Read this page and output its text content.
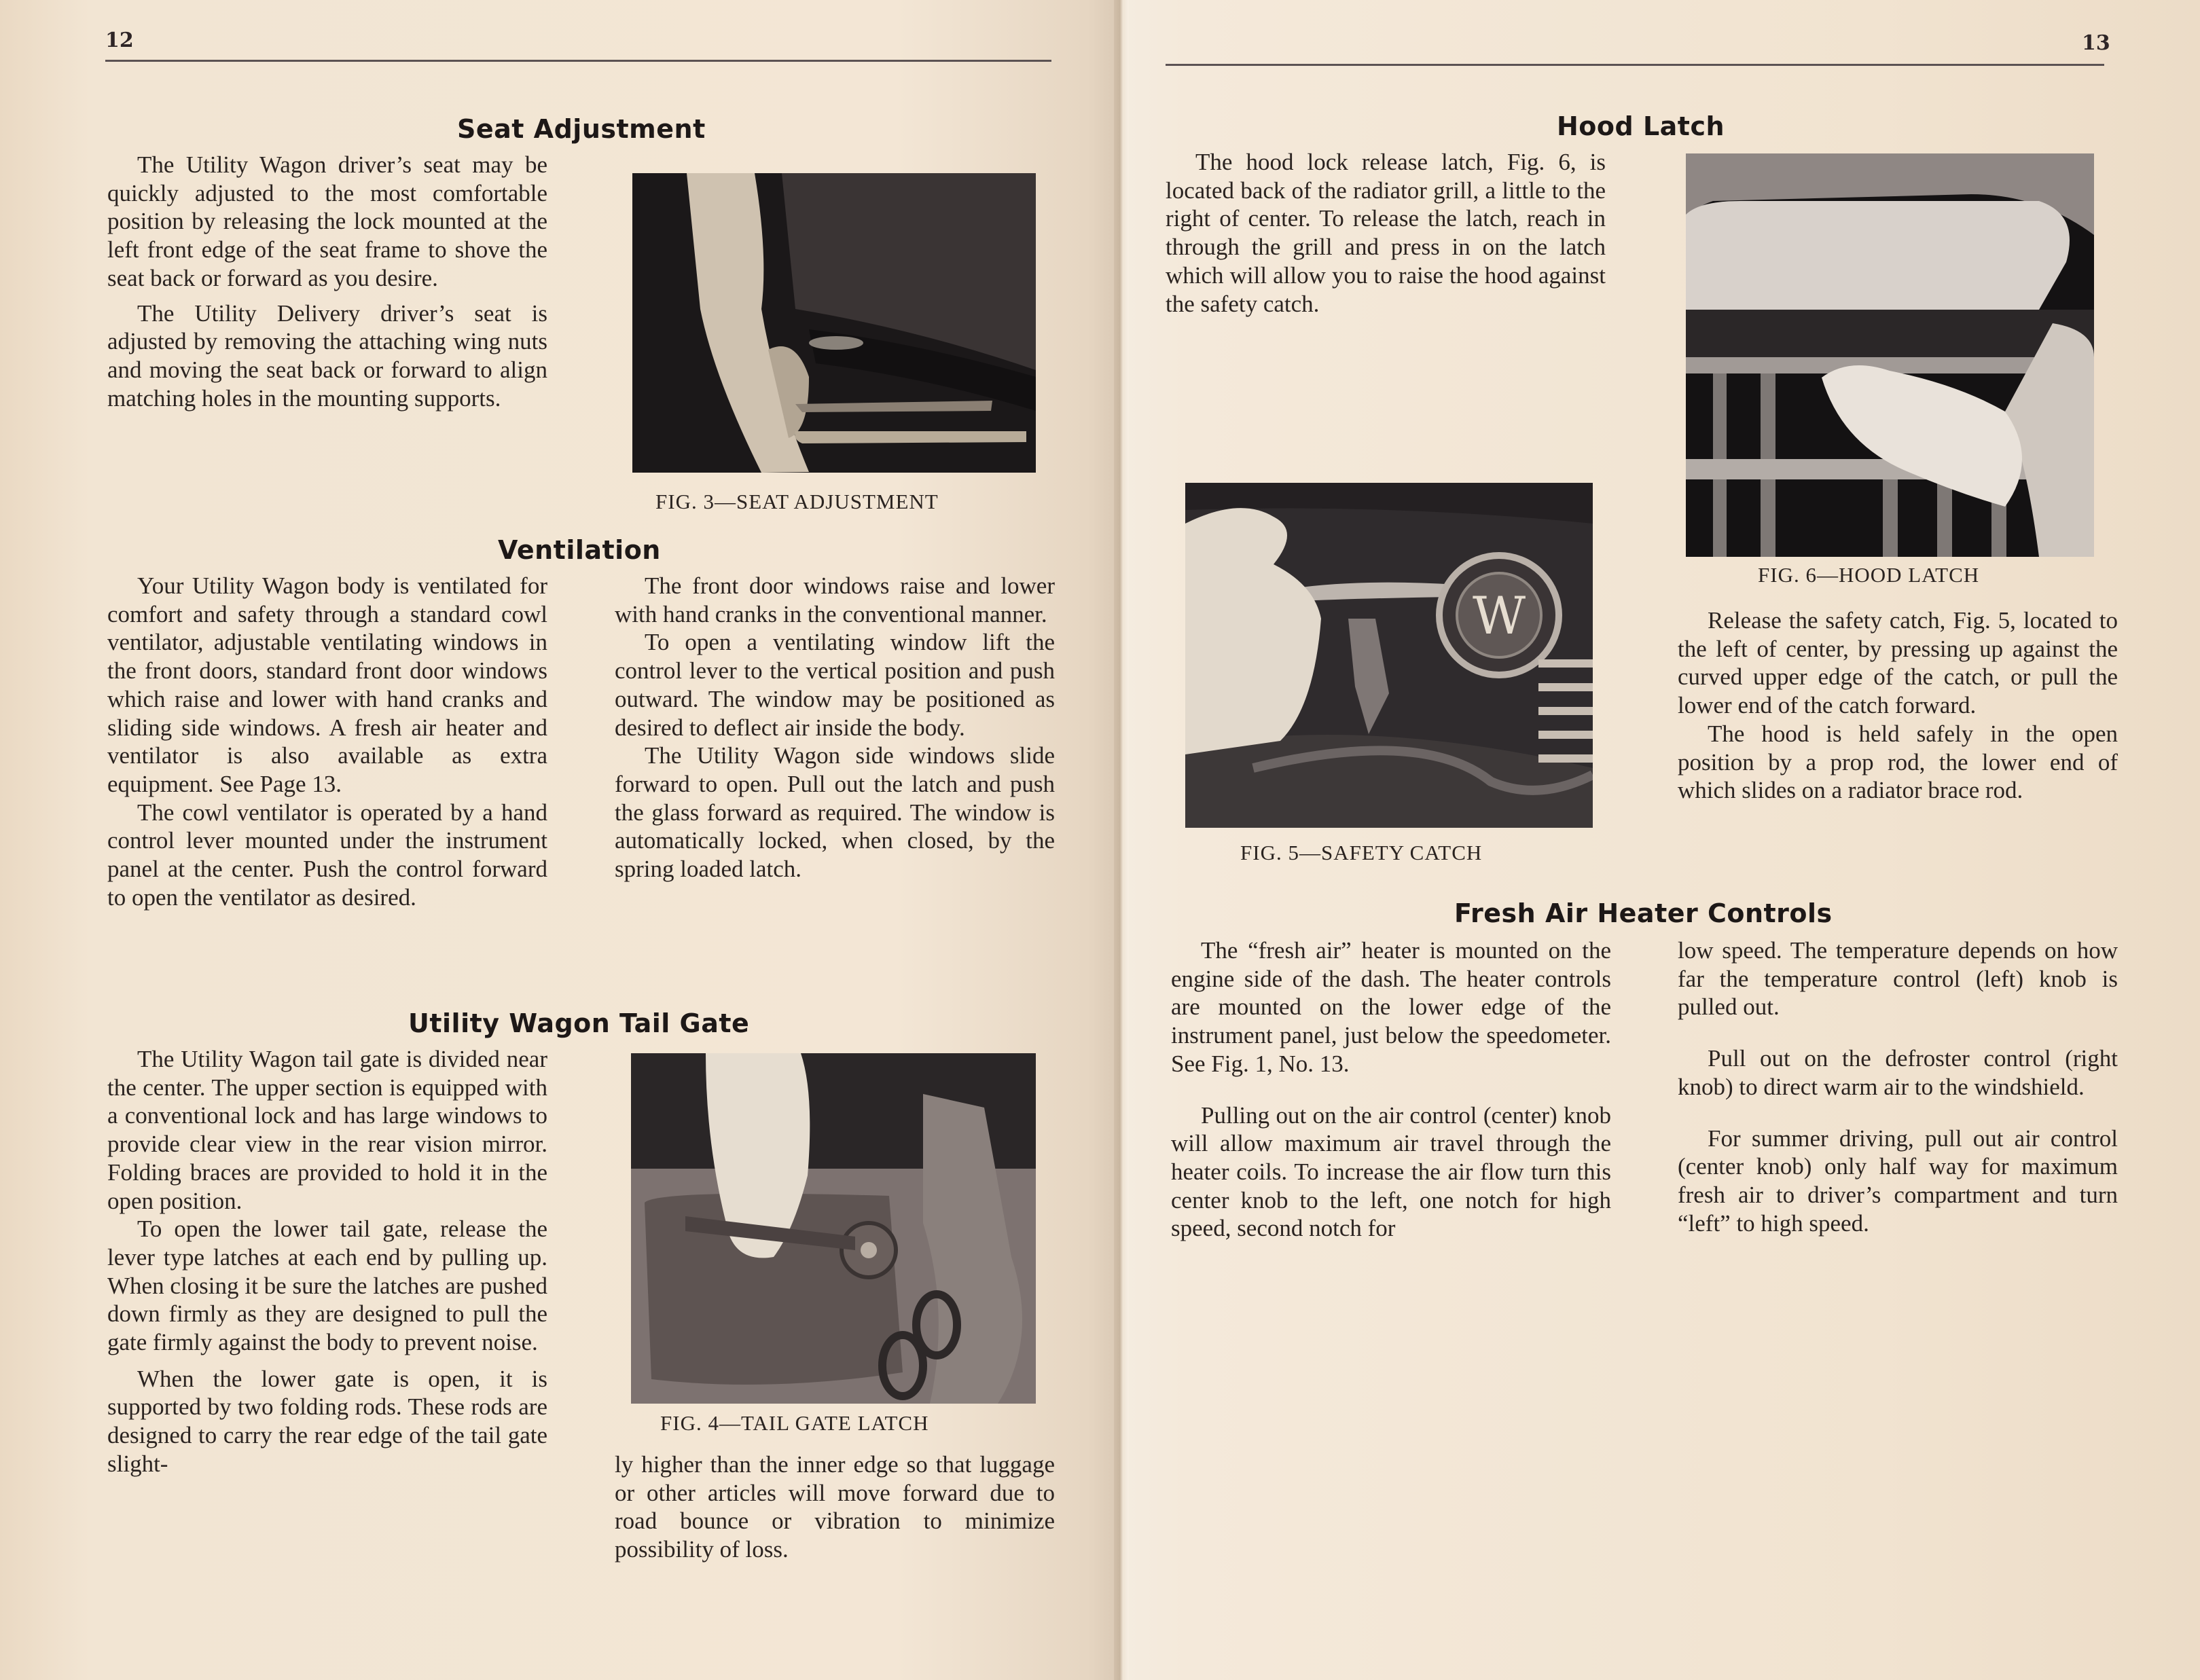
12
Seat Adjustment

The Utility Wagon driver’s seat may be quickly adjusted to the most comfortable position by releasing the lock mounted at the left front edge of the seat frame to shove the seat back or forward as you desire.

The Utility Delivery driver’s seat is adjusted by removing the attaching wing nuts and moving the seat back or forward to align matching holes in the mounting supports.

FIG. 3—SEAT ADJUSTMENT
Ventilation

Your Utility Wagon body is ventilated for comfort and safety through a standard cowl ventilator, adjustable ventilating windows in the front doors, standard front door windows which raise and lower with hand cranks and sliding side windows. A fresh air heater and ventilator is also available as extra equipment. See Page 13.

The cowl ventilator is operated by a hand control lever mounted under the instrument panel at the center. Push the control forward to open the ventilator as desired.

The front door windows raise and lower with hand cranks in the conventional manner.

To open a ventilating window lift the control lever to the vertical position and push outward. The window may be positioned as desired to deflect air inside the body.

The Utility Wagon side windows slide forward to open. Pull out the latch and push the glass forward as required. The window is automatically locked, when closed, by the spring loaded latch.

Utility Wagon Tail Gate

The Utility Wagon tail gate is divided near the center. The upper section is equipped with a conventional lock and has large windows to provide clear view in the rear vision mirror. Folding braces are provided to hold it in the open position.

To open the lower tail gate, release the lever type latches at each end by pulling up. When closing it be sure the latches are pushed down firmly as they are designed to pull the gate firmly against the body to prevent noise.

When the lower gate is open, it is supported by two folding rods. These rods are designed to carry the rear edge of the tail gate slight-

FIG. 4—TAIL GATE LATCH

ly higher than the inner edge so that luggage or other articles will move forward due to road bounce or vibration to minimize possibility of loss.

13
Hood Latch

The hood lock release latch, Fig. 6, is located back of the radiator grill, a little to the right of center. To release the latch, reach in through the grill and press in on the latch which will allow you to raise the hood against the safety catch.

FIG. 6—HOOD LATCH
W
FIG. 5—SAFETY CATCH

Release the safety catch, Fig. 5, located to the left of center, by pressing up against the curved upper edge of the catch, or pull the lower end of the catch forward.

The hood is held safely in the open position by a prop rod, the lower end of which slides on a radiator brace rod.

Fresh Air Heater Controls

The “fresh air” heater is mounted on the engine side of the dash. The heater controls are mounted on the lower edge of the instrument panel, just below the speedometer. See Fig. 1, No. 13.

Pulling out on the air control (center) knob will allow maximum air travel through the heater coils. To increase the air flow turn this center knob to the left, one notch for high speed, second notch for

low speed. The temperature depends on how far the temperature control (left) knob is pulled out.

Pull out on the defroster control (right knob) to direct warm air to the windshield.

For summer driving, pull out air control (center knob) only half way for maximum fresh air to driver’s compartment and turn “left” to high speed.
